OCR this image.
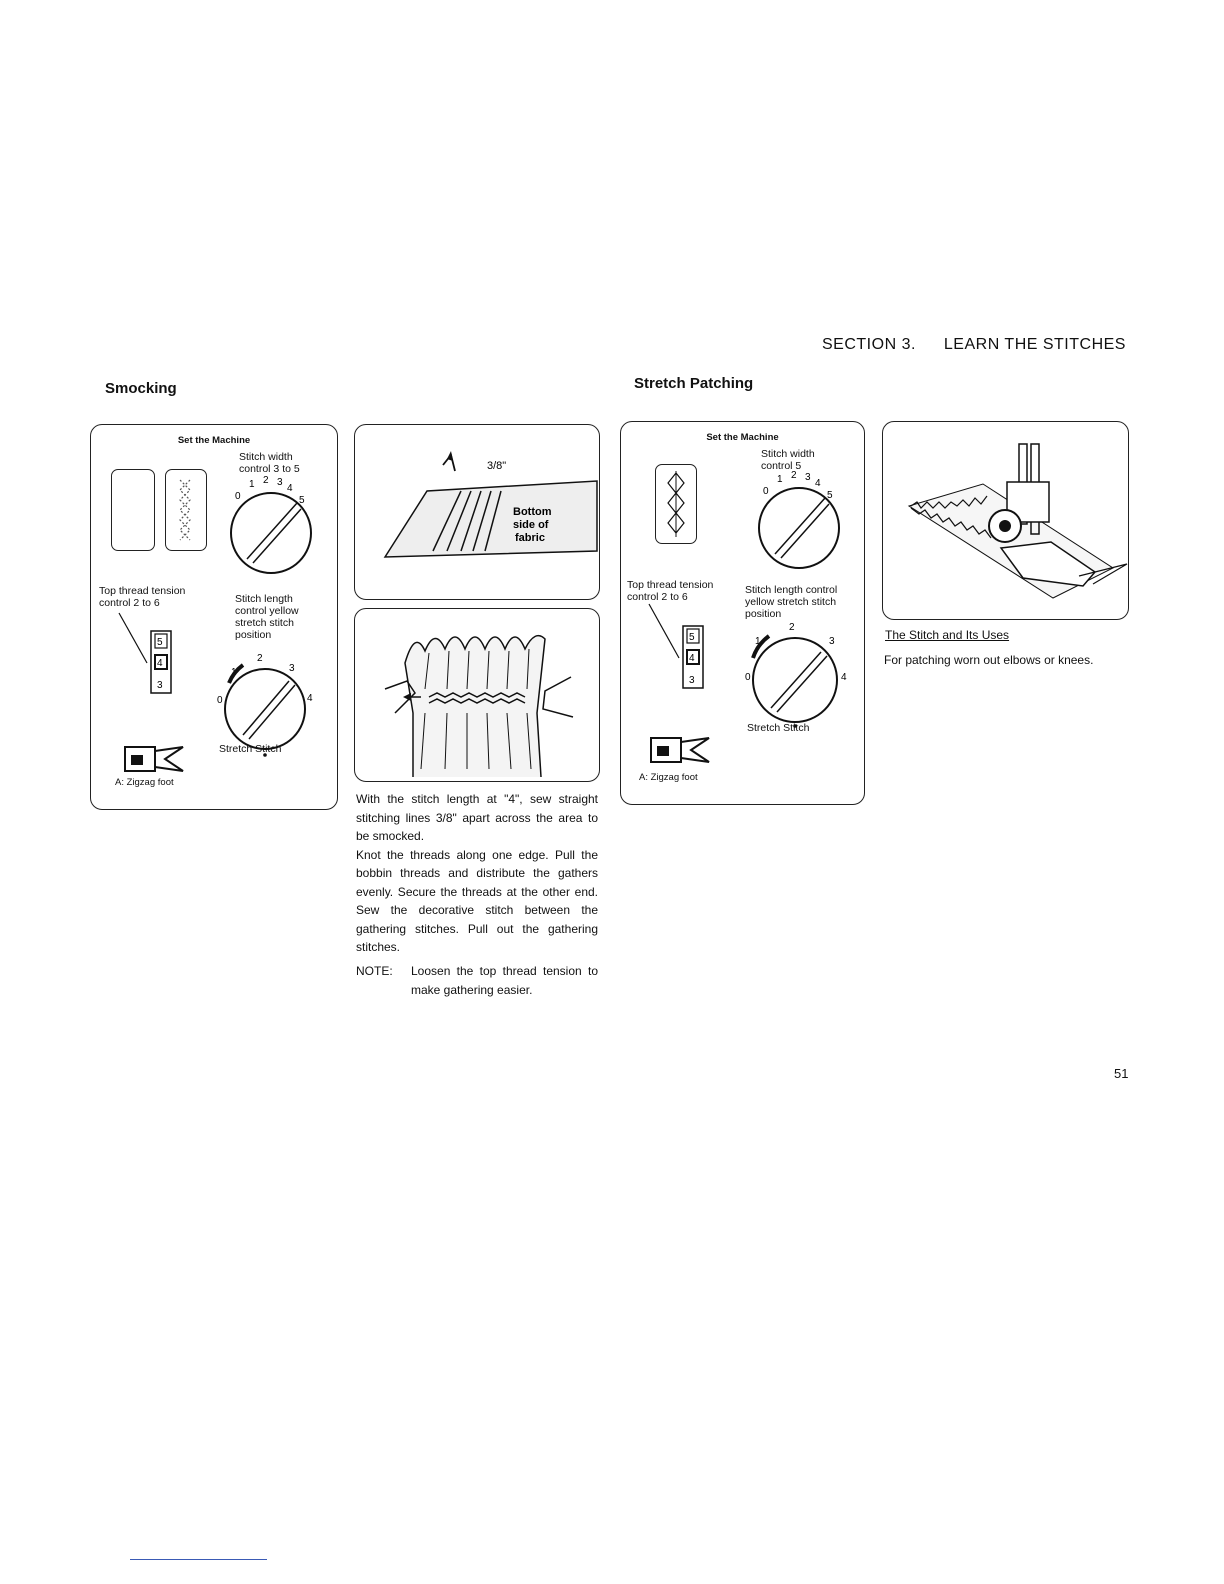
SECTION 3. LEARN THE STITCHES
Smocking	Stretch Patching
Set the Machine
Stitch width
control 3 to 5
0
1 2 3
4
5
Top thread tension
control 2 to 6	Stitch length
control yellow
stretch stitch
position
5
4
3
1
2
3
4
0
Stretch Stitch
A: Zigzag foot
3/8"
Bottom
side of
fabric
With the stitch length at "4", sew straight stitching lines 3/8" apart across the area to be smocked.
Knot the threads along one edge. Pull the bobbin threads and distribute the gathers evenly. Secure the threads at the other end. Sew the decorative stitch between the gathering stitches. Pull out the gathering stitches.
NOTE: Loosen the top thread tension to make gathering easier.
Set the Machine
Stitch width
control 5
0
1 2 3
4
5
Top thread tension
control 2 to 6
Stitch length control
yellow stretch stitch
position
5
4
3
1
2
3
4
0
Stretch Stitch
A: Zigzag foot
The Stitch and Its Uses
For patching worn out elbows or knees.
51
